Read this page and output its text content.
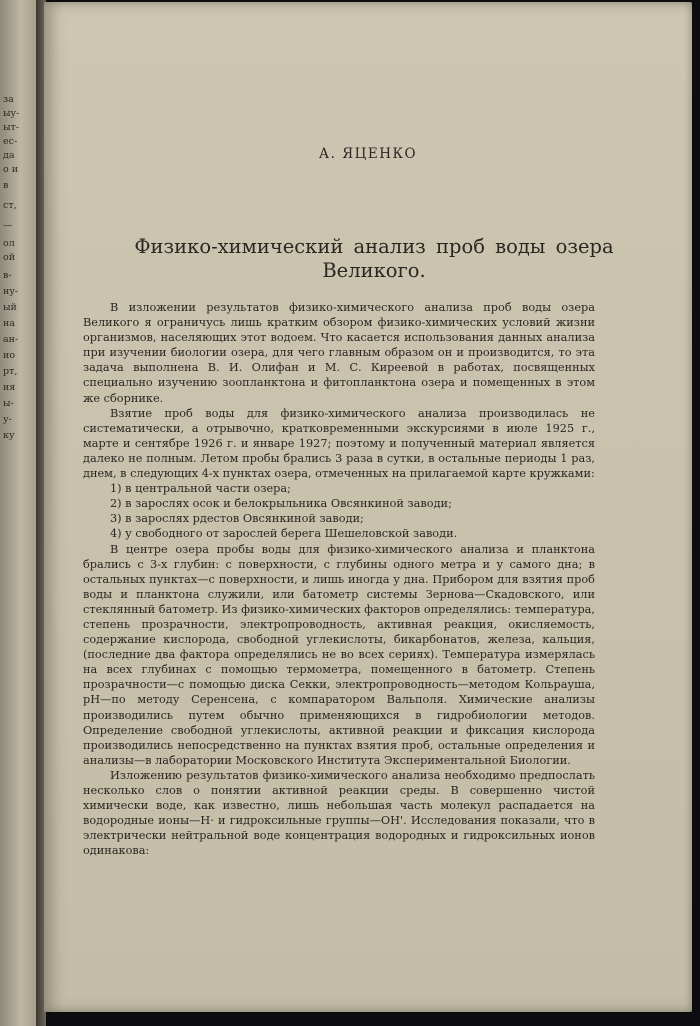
за
ыу-
ыт-
ес-
да
о и
в
ст,
—
ол
ой
в-
ну-
ый
на
ан-
ио
рт,
ия
ы-
у-
ку
А. ЯЦЕНКО
Физико-химический анализ проб воды озера
Великого.

В изложении результатов физико-химического анализа проб воды озера Великого я ограничусь лишь кратким обзором физико-химических условий жизни организмов, населяющих этот водоем. Что касается использования данных анализа при изучении биологии озера, для чего главным образом он и производится, то эта задача выполнена В. И. Олифан и М. С. Киреевой в работах, посвященных специально изучению зоопланктона и фитопланктона озера и помещенных в этом же сборнике.

Взятие проб воды для физико-химического анализа производилась не систематически, а отрывочно, кратковременными экскурсиями в июле 1925 г., марте и сентябре 1926 г. и январе 1927; поэтому и полученный материал является далеко не полным. Летом пробы брались 3 раза в сутки, в остальные периоды 1 раз, днем, в следующих 4-х пунктах озера, отмеченных на прилагаемой карте кружками:

1) в центральной части озера;

2) в зарослях осок и белокрыльника Овсянкиной заводи;

3) в зарослях рдестов Овсянкиной заводи;

4) у свободного от зарослей берега Шешеловской заводи.

В центре озера пробы воды для физико-химического анализа и планктона брались с 3-х глубин: с поверхности, с глубины одного метра и у самого дна; в остальных пунктах—с поверхности, и лишь иногда у дна. Прибором для взятия проб воды и планктона служили, или батометр системы Зернова—Скадовского, или стеклянный батометр. Из физико-химических факторов определялись: температура, степень прозрачности, электропроводность, активная реакция, окисляемость, содержание кислорода, свободной углекислоты, бикарбонатов, железа, кальция, (последние два фактора определялись не во всех сериях). Температура измерялась на всех глубинах с помощью термометра, помещенного в батометр. Степень прозрачности—с помощью диска Секки, электропроводность—методом Кольрауша, pH—по методу Серенсена, с компаратором Вальполя. Химические анализы производились путем обычно применяющихся в гидробиологии методов. Определение свободной углекислоты, активной реакции и фиксация кислорода производились непосредственно на пунктах взятия проб, остальные определения и анализы—в лаборатории Московского Института Экспериментальной Биологии.

Изложению результатов физико-химического анализа необходимо предпослать несколько слов о понятии активной реакции среды. В совершенно чистой химически воде, как известно, лишь небольшая часть молекул распадается на водородные ионы—H· и гидроксильные группы—OH'. Исследования показали, что в электрически нейтральной воде концентрация водородных и гидроксильных ионов одинакова:
